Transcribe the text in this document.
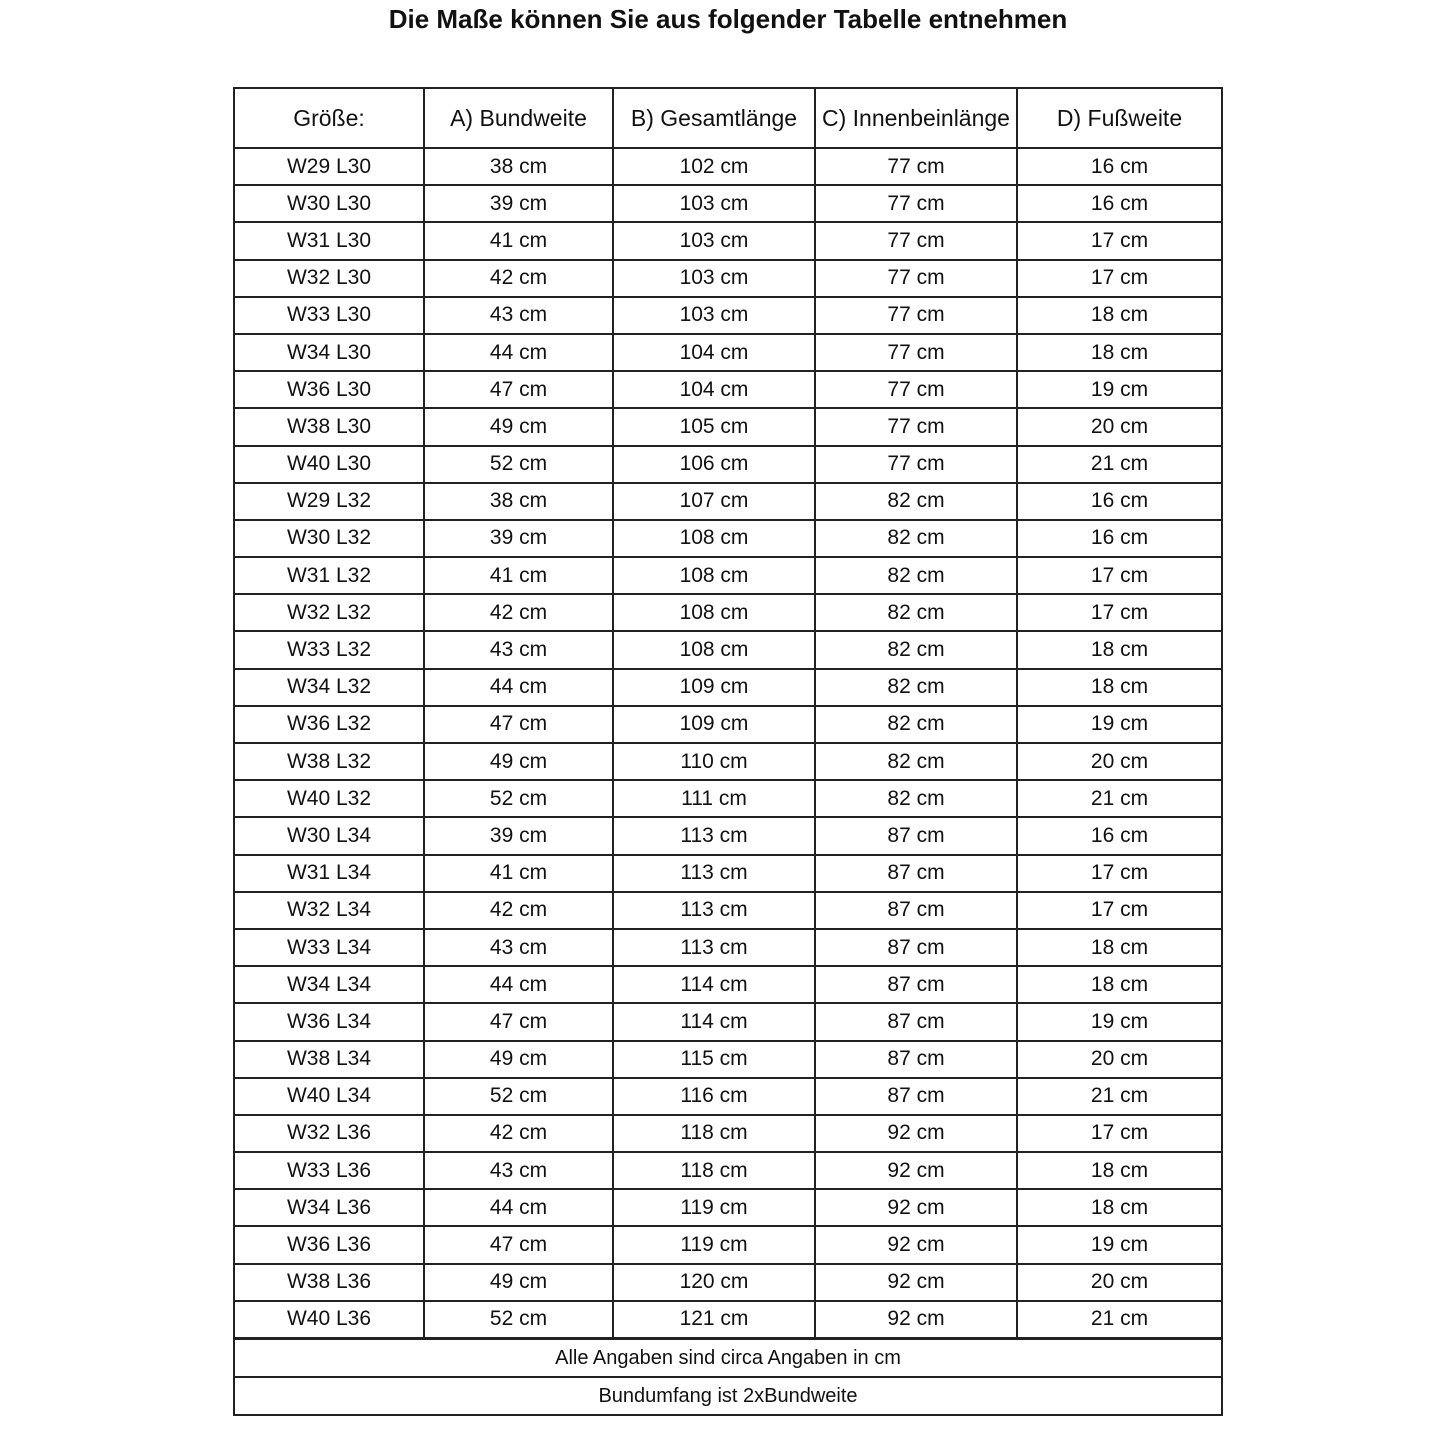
Die Maße können Sie aus folgender Tabelle entnehmen
Größe:	A) Bundweite	B) Gesamtlänge	C) Innenbeinlänge	D) Fußweite
W29 L30	38 cm	102 cm	77 cm	16 cm
W30 L30	39 cm	103 cm	77 cm	16 cm
W31 L30	41 cm	103 cm	77 cm	17 cm
W32 L30	42 cm	103 cm	77 cm	17 cm
W33 L30	43 cm	103 cm	77 cm	18 cm
W34 L30	44 cm	104 cm	77 cm	18 cm
W36 L30	47 cm	104 cm	77 cm	19 cm
W38 L30	49 cm	105 cm	77 cm	20 cm
W40 L30	52 cm	106 cm	77 cm	21 cm
W29 L32	38 cm	107 cm	82 cm	16 cm
W30 L32	39 cm	108 cm	82 cm	16 cm
W31 L32	41 cm	108 cm	82 cm	17 cm
W32 L32	42 cm	108 cm	82 cm	17 cm
W33 L32	43 cm	108 cm	82 cm	18 cm
W34 L32	44 cm	109 cm	82 cm	18 cm
W36 L32	47 cm	109 cm	82 cm	19 cm
W38 L32	49 cm	110 cm	82 cm	20 cm
W40 L32	52 cm	111 cm	82 cm	21 cm
W30 L34	39 cm	113 cm	87 cm	16 cm
W31 L34	41 cm	113 cm	87 cm	17 cm
W32 L34	42 cm	113 cm	87 cm	17 cm
W33 L34	43 cm	113 cm	87 cm	18 cm
W34 L34	44 cm	114 cm	87 cm	18 cm
W36 L34	47 cm	114 cm	87 cm	19 cm
W38 L34	49 cm	115 cm	87 cm	20 cm
W40 L34	52 cm	116 cm	87 cm	21 cm
W32 L36	42 cm	118 cm	92 cm	17 cm
W33 L36	43 cm	118 cm	92 cm	18 cm
W34 L36	44 cm	119 cm	92 cm	18 cm
W36 L36	47 cm	119 cm	92 cm	19 cm
W38 L36	49 cm	120 cm	92 cm	20 cm
W40 L36	52 cm	121 cm	92 cm	21 cm
Alle Angaben sind circa Angaben in cm				
Bundumfang ist 2xBundweite				
